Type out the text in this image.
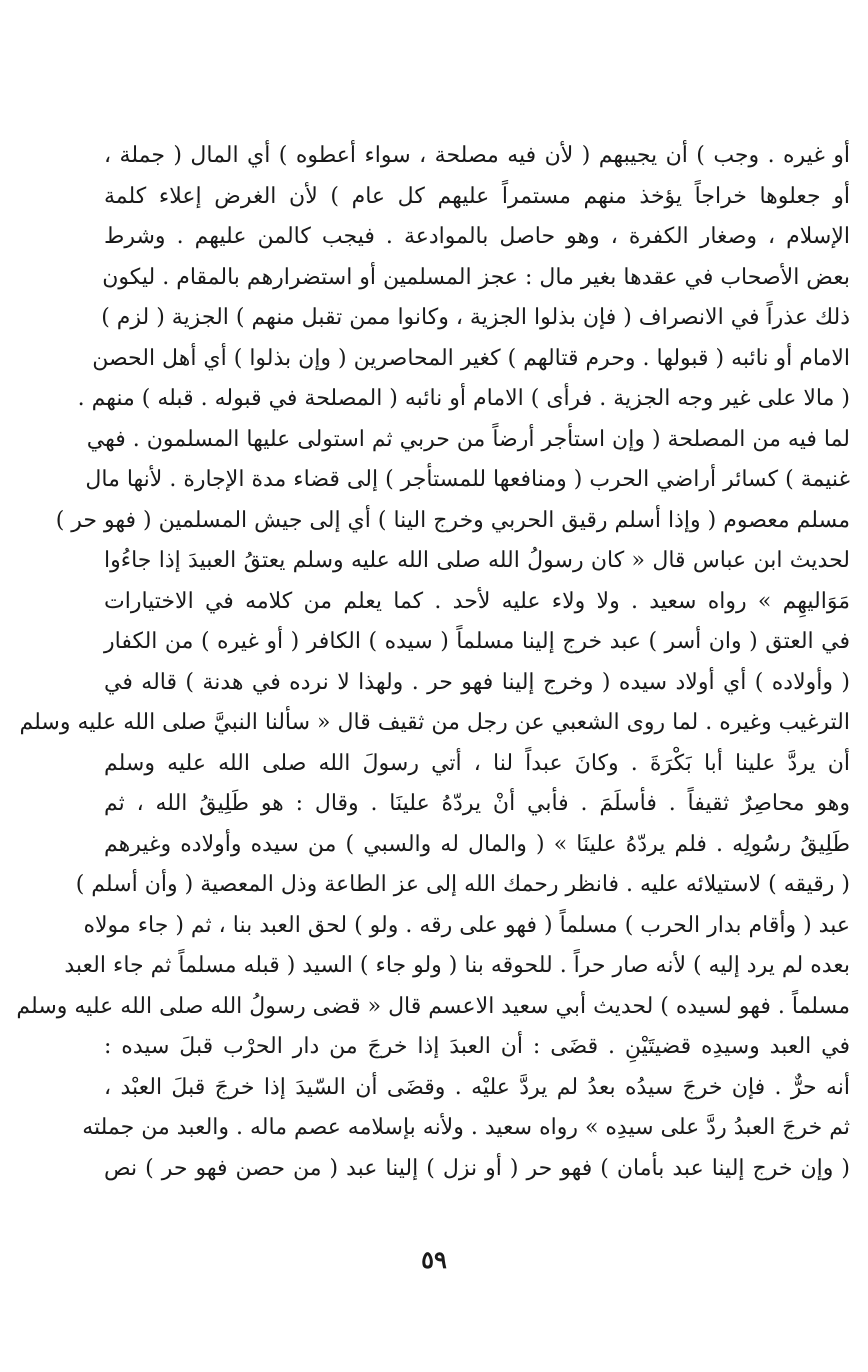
أو غيره . وجب ) أن يجيبهم ( لأن فيه مصلحة ، سواء أعطوه ) أي المال ( جملة ،
أو جعلوها خراجاً يؤخذ منهم مستمراً عليهم كل عام ) لأن الغرض إعلاء كلمة
الإسلام ، وصغار الكفرة ، وهو حاصل بالموادعة . فيجب كالمن عليهم . وشرط
بعض الأصحاب في عقدها بغير مال : عجز المسلمين أو استضرارهم بالمقام . ليكون
ذلك عذراً في الانصراف ( فإن بذلوا الجزية ، وكانوا ممن تقبل منهم ) الجزية ( لزم )
الامام أو نائبه ( قبولها . وحرم قتالهم ) كغير المحاصرين ( وإن بذلوا ) أي أهل الحصن
( مالا على غير وجه الجزية . فرأى ) الامام أو نائبه ( المصلحة في قبوله . قبله ) منهم .
لما فيه من المصلحة ( وإن استأجر أرضاً من حربي ثم استولى عليها المسلمون . فهي
غنيمة ) كسائر أراضي الحرب ( ومنافعها للمستأجر ) إلى قضاء مدة الإجارة . لأنها مال
مسلم معصوم ( وإذا أسلم رقيق الحربي وخرج الينا ) أي إلى جيش المسلمين ( فهو حر )
لحديث ابن عباس قال « كان رسولُ الله صلى الله عليه وسلم يعتقُ العبيدَ إذا جاءُوا
مَوَاليهِم » رواه سعيد . ولا ولاء عليه لأحد . كما يعلم من كلامه في الاختيارات
في العتق ( وان أسر ) عبد خرج إلينا مسلماً ( سيده ) الكافر ( أو غيره ) من الكفار
( وأولاده ) أي أولاد سيده ( وخرج إلينا فهو حر . ولهذا لا نرده في هدنة ) قاله في
الترغيب وغيره . لما روى الشعبي عن رجل من ثقيف قال « سألنا النبيَّ صلى الله عليه وسلم
أن يردَّ علينا أبا بَكْرَةَ . وكانَ عبداً لنا ، أتي رسولَ الله صلى الله عليه وسلم
وهو محاصِرٌ ثقيفاً . فأسلَمَ . فأبي أنْ يردّهُ علينَا . وقال : هو طَلِيقُ الله ، ثم
طَلِيقُ رسُولِه . فلم يردّهُ علينَا » ( والمال له والسبي ) من سيده وأولاده وغيرهم
( رقيقه ) لاستيلائه عليه . فانظر رحمك الله إلى عز الطاعة وذل المعصية ( وأن أسلم )
عبد ( وأقام بدار الحرب ) مسلماً ( فهو على رقه . ولو ) لحق العبد بنا ، ثم ( جاء مولاه
بعده لم يرد إليه ) لأنه صار حراً . للحوقه بنا ( ولو جاء ) السيد ( قبله مسلماً ثم جاء العبد
مسلماً . فهو لسيده ) لحديث أبي سعيد الاعسم قال « قضى رسولُ الله صلى الله عليه وسلم
في العبد وسيدِه قضيتَيْنِ . قضَى : أن العبدَ إذا خرجَ من دار الحرْب قبلَ سيده :
أنه حرٌّ . فإن خرجَ سيدُه بعدُ لم يردَّ عليْه . وقضَى أن السّيدَ إذا خرجَ قبلَ العبْد ،
ثم خرجَ العبدُ ردَّ على سيدِه » رواه سعيد . ولأنه بإسلامه عصم ماله . والعبد من جملته
( وإن خرج إلينا عبد بأمان ) فهو حر ( أو نزل ) إلينا عبد ( من حصن فهو حر ) نص
٥٩
